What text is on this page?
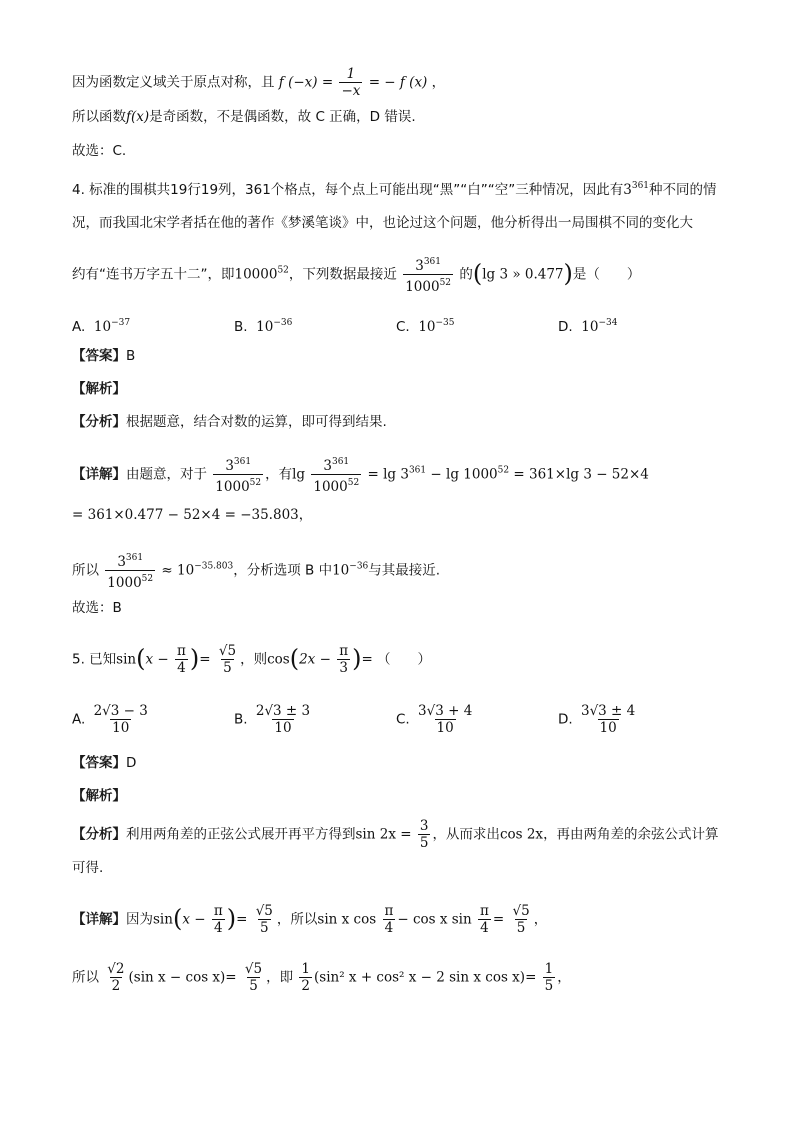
因为函数定义域关于原点对称，且 f $(-x) = \frac{1}{-x}$ = − f (x) ，
所以函数f(x)是奇函数，不是偶函数，故 C 正确，D 错误.
故选：C.
4. 标准的围棋共19行19列，361个格点，每个点上可能出现“黑”“白”“空”三种情况，因此有$3^{361}$种不同的情
况，而我国北宋学者括在他的著作《梦溪笔谈》中，也论过这个问题，他分析得出一局围棋不同的变化大
约有“连书万字五十二”，即10000$^{52}$，下列数据最接近 $\frac{3^{361}}{1000^{52}}$ 的(lg 3 » 0.477)是（　　）
A. $10^{-37}$	B. $10^{-36}$	C. $10^{-35}$	D. $10^{-34}$
【答案】B
【解析】
【分析】根据题意，结合对数的运算，即可得到结果.
【详解】由题意，对于 $\frac{3^{361}}{1000^{52}}$ ，有$\lg \frac{3^{361}}{1000^{52}} = \lg 3^{361} - \lg 1000^{52} = 361\times\lg$ 3 − 52×4
= 361×0.477 − 52×4 = −35.803，
所以 $\frac{3^{361}}{1000^{52}} \approx 10^{-35.803}$，分析选项 B 中$10^{-36}$与其最接近.
故选：B
5. 已知$\sin(x - \frac{\pi}{4}$ )= $\frac{√5}{5}$ ，则$\cos(2x - \frac{\pi}{3}$ )= （　　）
A. $\frac{2√3 - 3}{10}$	B. $\frac{2√3 \pm 3}{10}$	C. $\frac{3√3 + 4}{10}$	D. $\frac{3√3 \pm 4}{10}$
【答案】D
【解析】
【分析】利用两角差的正弦公式展开再平方得到$\sin 2x = \frac{3}{5}$ ，从而求出cos 2x，再由两角差的余弦公式计算
可得.
【详解】因为$\sin(x - \frac{\pi}{4}$ )= $\frac{√5}{5}$ ，所以sin x $\cos \frac{\pi}{4} - \cos x$ $\sin \frac{\pi}{4} = \frac{√5}{5}$ ，
所以 $\frac{√2}{2} (\sin$ $x - \cos x)= \frac{√5}{5}$ ，即 $\frac{1}{2} (\sin^2$ x + cos² x − 2 sin x $\cos x)= \frac{1}{5}$ ，
